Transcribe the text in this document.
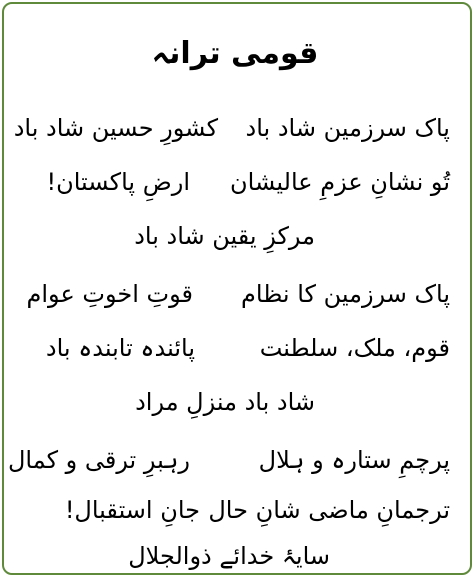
قومی ترانہ
پاک سرزمین شاد باد
کشورِ حسین شاد باد
تُو نشانِ عزمِ عالیشان
ارضِ پاکستان!
مرکزِ یقین شاد باد
پاک سرزمین کا نظام
قوتِ اخوتِ عوام
قوم، ملک، سلطنت
پائندہ تابندہ باد
شاد باد منزلِ مراد
پرچمِ ستارہ و ہلال
رہبرِ ترقی و کمال
ترجمانِ ماضی شانِ حال
جانِ استقبال!
سایۂ خدائے ذوالجلال
